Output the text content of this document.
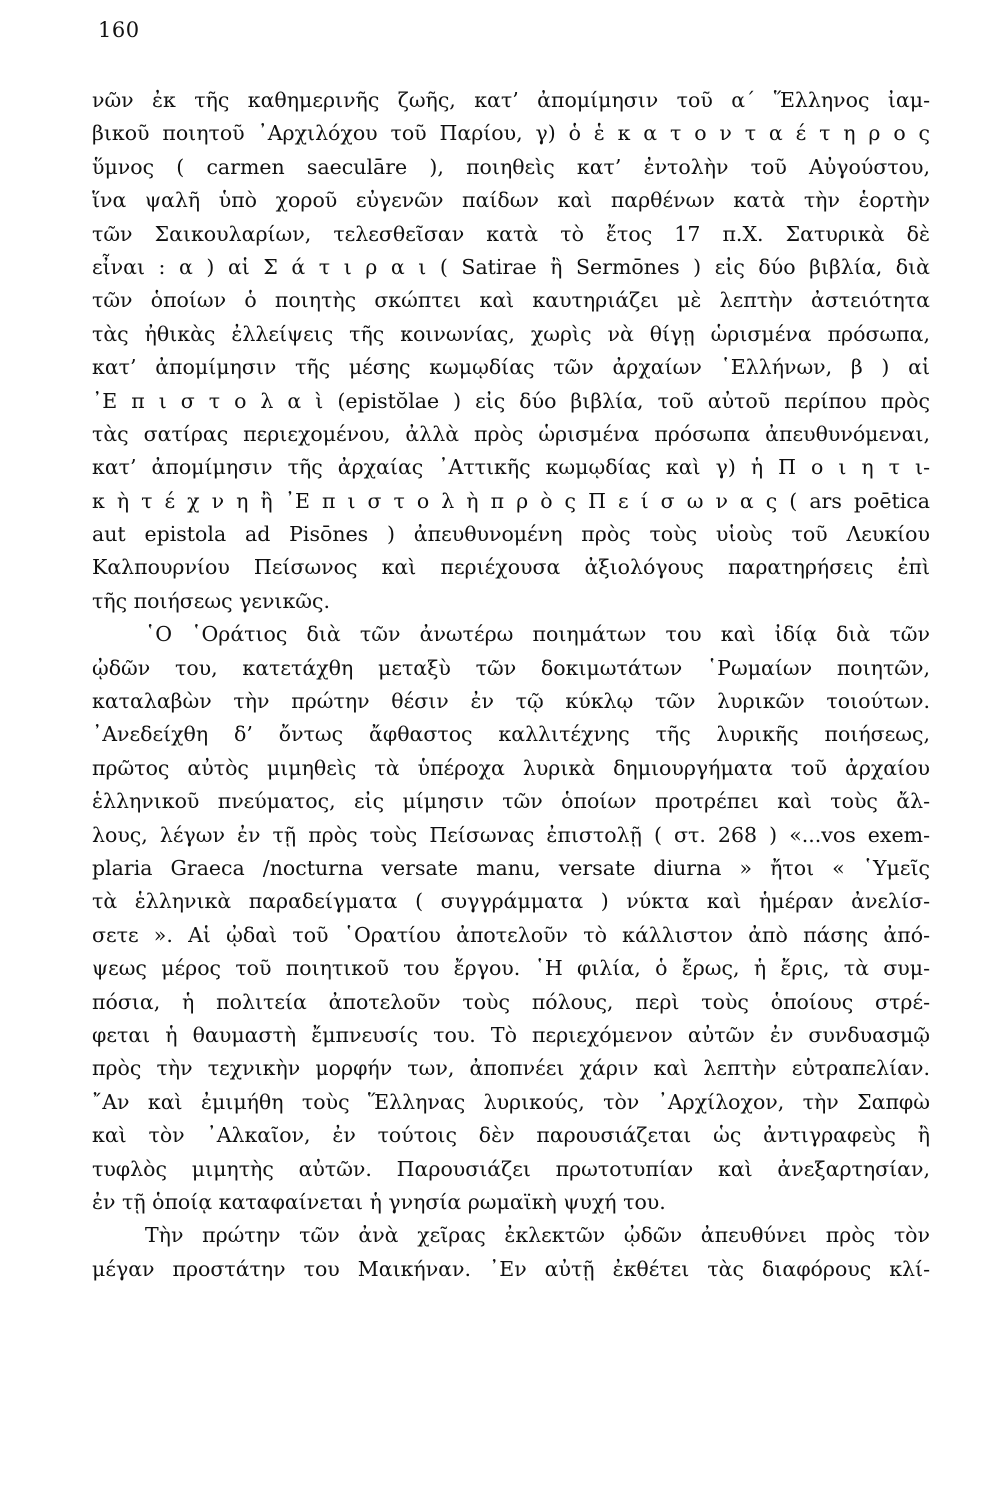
160
νῶν ἐκ τῆς καθημερινῆς ζωῆς, κατ’ ἀπομίμησιν τοῦ α΄ Ἕλληνος ἰαμ-
βικοῦ ποιητοῦ ᾿Αρχιλόχου τοῦ Παρίου, γ) ὁ ἑ κ α τ ο ν τ α έ τ η ρ ο ς
ὕμνος ( carmen saeculāre ), ποιηθεὶς κατ’ ἐντολὴν τοῦ Αὐγούστου,
ἵνα ψαλῆ ὑπὸ χοροῦ εὐγενῶν παίδων καὶ παρθένων κατὰ τὴν ἑορτὴν
τῶν Σαικουλαρίων, τελεσθεῖσαν κατὰ τὸ ἔτος 17 π.Χ. Σατυρικὰ δὲ
εἶναι : α ) αἱ Σ ά τ ι ρ α ι ( Satirae ἢ Sermōnes ) εἰς δύο βιβλία, διὰ
τῶν ὁποίων ὁ ποιητὴς σκώπτει καὶ καυτηριάζει μὲ λεπτὴν ἀστειότητα
τὰς ἠθικὰς ἐλλείψεις τῆς κοινωνίας, χωρὶς νὰ θίγῃ ὡρισμένα πρόσωπα,
κατ’ ἀπομίμησιν τῆς μέσης κωμῳδίας τῶν ἀρχαίων ῾Ελλήνων, β ) αἱ
᾿Ε π ι σ τ ο λ α ὶ (epistŏlae ) εἰς δύο βιβλία, τοῦ αὐτοῦ περίπου πρὸς
τὰς σατίρας περιεχομένου, ἀλλὰ πρὸς ὡρισμένα πρόσωπα ἀπευθυνόμεναι,
κατ’ ἀπομίμησιν τῆς ἀρχαίας ᾿Αττικῆς κωμῳδίας καὶ γ) ἡ Π ο ι η τ ι-
κ ὴ τ έ χ ν η ἢ ᾿Ε π ι σ τ ο λ ὴ π ρ ὸ ς Π ε ί σ ω ν α ς ( ars poētica
aut epistola ad Pisōnes ) ἀπευθυνομένη πρὸς τοὺς υἱοὺς τοῦ Λευκίου
Καλπουρνίου Πείσωνος καὶ περιέχουσα ἀξιολόγους παρατηρήσεις ἐπὶ
τῆς ποιήσεως γενικῶς.
῾Ο ῾Οράτιος διὰ τῶν ἀνωτέρω ποιημάτων του καὶ ἰδίᾳ διὰ τῶν
ᾠδῶν του, κατετάχθη μεταξὺ τῶν δοκιμωτάτων ῾Ρωμαίων ποιητῶν,
καταλαβὼν τὴν πρώτην θέσιν ἐν τῷ κύκλῳ τῶν λυρικῶν τοιούτων.
᾿Ανεδείχθη δ’ ὄντως ἄφθαστος καλλιτέχνης τῆς λυρικῆς ποιήσεως,
πρῶτος αὐτὸς μιμηθεὶς τὰ ὑπέροχα λυρικὰ δημιουργήματα τοῦ ἀρχαίου
ἑλληνικοῦ πνεύματος, εἰς μίμησιν τῶν ὁποίων προτρέπει καὶ τοὺς ἄλ-
λους, λέγων ἐν τῇ πρὸς τοὺς Πείσωνας ἐπιστολῇ ( στ. 268 ) «...vos exem-
plaria Graeca /nocturna versate manu, versate diurna » ἤτοι « ῾Υμεῖς
τὰ ἑλληνικὰ παραδείγματα ( συγγράμματα ) νύκτα καὶ ἡμέραν ἀνελίσ-
σετε ». Αἱ ᾠδαὶ τοῦ ῾Ορατίου ἀποτελοῦν τὸ κάλλιστον ἀπὸ πάσης ἀπό-
ψεως μέρος τοῦ ποιητικοῦ του ἔργου. ῾Η φιλία, ὁ ἔρως, ἡ ἔρις, τὰ συμ-
πόσια, ἡ πολιτεία ἀποτελοῦν τοὺς πόλους, περὶ τοὺς ὁποίους στρέ-
φεται ἡ θαυμαστὴ ἔμπνευσίς του. Τὸ περιεχόμενον αὐτῶν ἐν συνδυασμῷ
πρὸς τὴν τεχνικὴν μορφήν των, ἀποπνέει χάριν καὶ λεπτὴν εὐτραπελίαν.
῎Αν καὶ ἐμιμήθη τοὺς Ἕλληνας λυρικούς, τὸν ᾿Αρχίλοχον, τὴν Σαπφὼ
καὶ τὸν ᾿Αλκαῖον, ἐν τούτοις δὲν παρουσιάζεται ὡς ἀντιγραφεὺς ἢ
τυφλὸς μιμητὴς αὐτῶν. Παρουσιάζει πρωτοτυπίαν καὶ ἀνεξαρτησίαν,
ἐν τῇ ὁποίᾳ καταφαίνεται ἡ γνησία ρωμαϊκὴ ψυχή του.
Τὴν πρώτην τῶν ἀνὰ χεῖρας ἐκλεκτῶν ᾠδῶν ἀπευθύνει πρὸς τὸν
μέγαν προστάτην του Μαικήναν. ᾿Εν αὐτῇ ἐκθέτει τὰς διαφόρους κλί-
